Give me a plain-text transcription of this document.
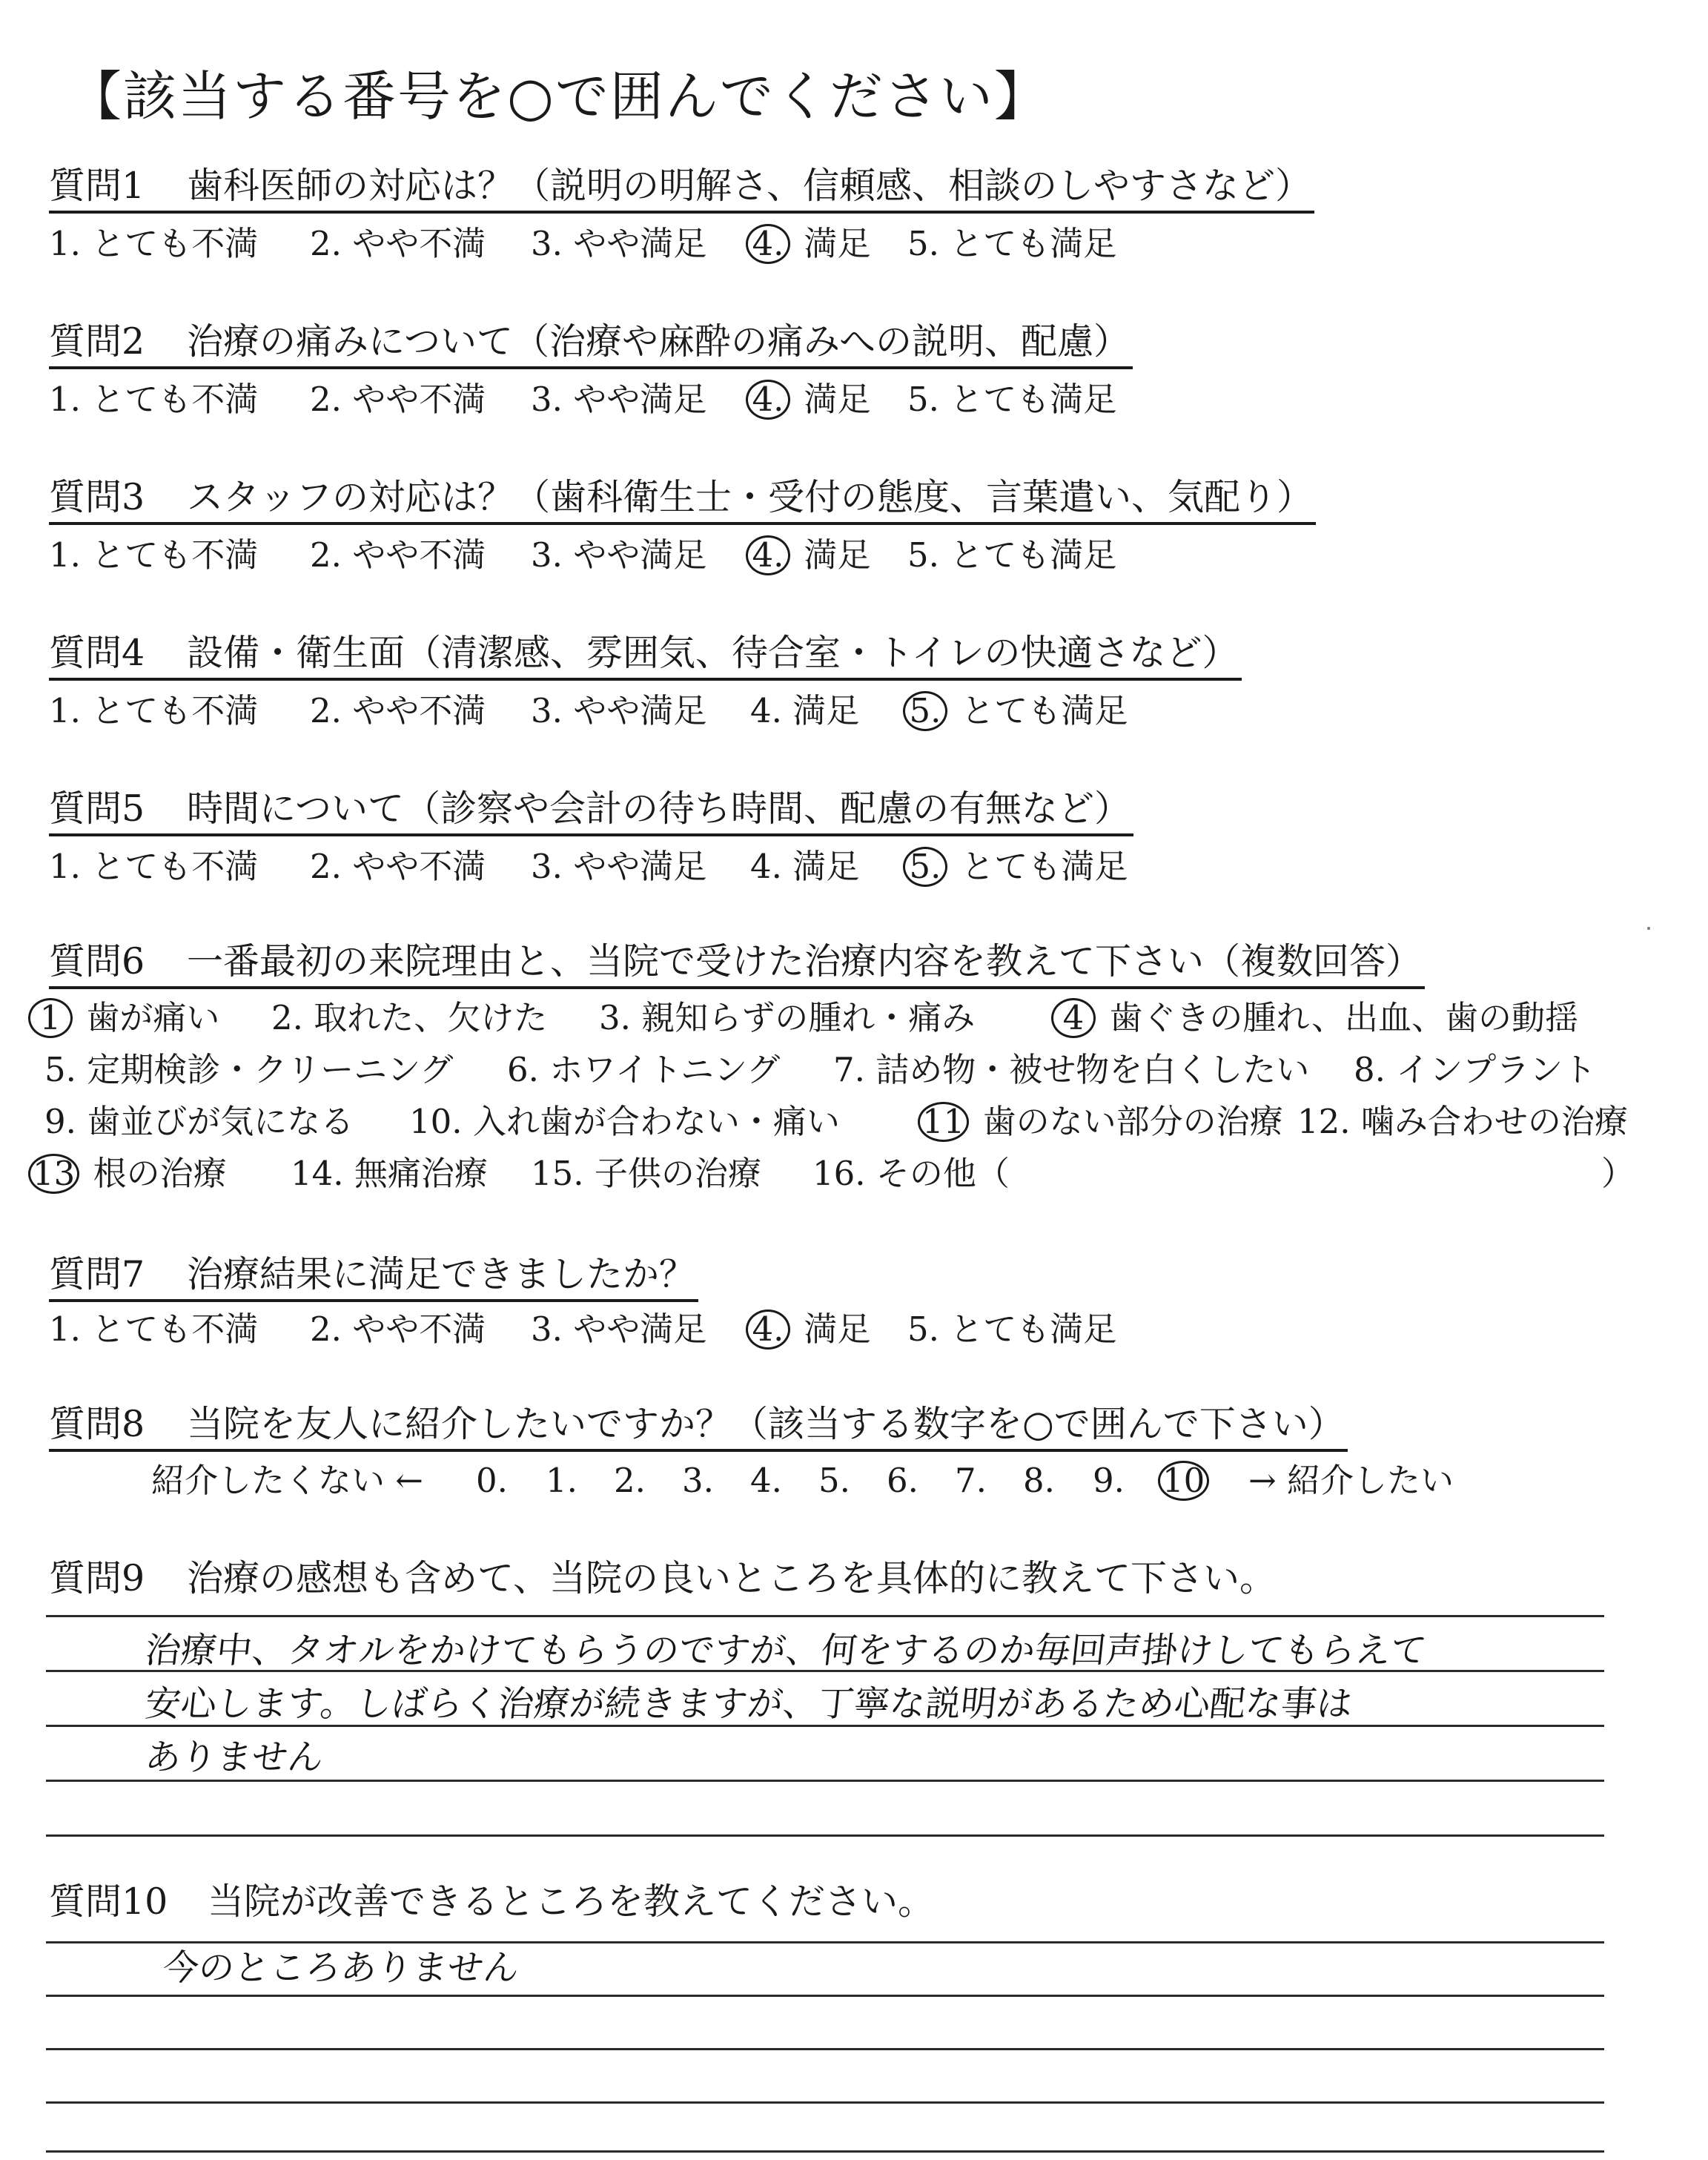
【該当する番号を○で囲んでください】
質問1 歯科医師の対応は？（説明の明解さ、信頼感、相談のしやすさなど）
1. とても不満 2. やや不満 3. やや満足 4. 満足 5. とても満足
質問2 治療の痛みについて（治療や麻酔の痛みへの説明、配慮）
1. とても不満 2. やや不満 3. やや満足 4. 満足 5. とても満足
質問3 スタッフの対応は？（歯科衛生士・受付の態度、言葉遣い、気配り）
1. とても不満 2. やや不満 3. やや満足 4. 満足 5. とても満足
質問4 設備・衛生面（清潔感、雰囲気、待合室・トイレの快適さなど）
1. とても不満 2. やや不満 3. やや満足 4. 満足 5. とても満足
質問5 時間について（診察や会計の待ち時間、配慮の有無など）
1. とても不満 2. やや不満 3. やや満足 4. 満足 5. とても満足
質問6 一番最初の来院理由と、当院で受けた治療内容を教えて下さい（複数回答）
1 歯が痛い 2. 取れた、欠けた 3. 親知らずの腫れ・痛み	4 歯ぐきの腫れ、出血、歯の動揺
5. 定期検診・クリーニング 6. ホワイトニング 7. 詰め物・被せ物を白くしたい 8. インプラント
9. 歯並びが気になる 10. 入れ歯が合わない・痛い 11 歯のない部分の治療 12. 噛み合わせの治療
13 根の治療 14. 無痛治療 15. 子供の治療 16. その他（	）
質問7 治療結果に満足できましたか？
1. とても不満 2. やや不満 3. やや満足 4. 満足 5. とても満足
質問8 当院を友人に紹介したいですか？（該当する数字を○で囲んで下さい）
紹介したくない ← 0. 1. 2. 3. 4. 5. 6. 7. 8. 9. 10 → 紹介したい
質問9 治療の感想も含めて、当院の良いところを具体的に教えて下さい。
治療中、タオルをかけてもらうのですが、何をするのか毎回声掛けしてもらえて
安心します。しばらく治療が続きますが、丁寧な説明があるため心配な事は
ありません
質問10 当院が改善できるところを教えてください。
今のところありません
